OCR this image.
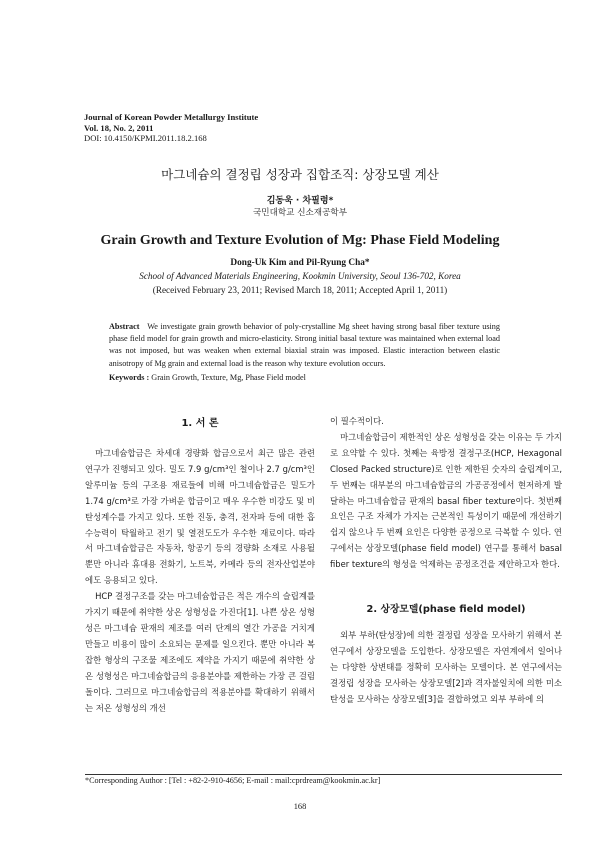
Journal of Korean Powder Metallurgy Institute
Vol. 18, No. 2, 2011
DOI: 10.4150/KPMI.2011.18.2.168
마그네슘의 결정립 성장과 집합조직: 상장모델 계산
김동욱 · 차필령*
국민대학교 신소재공학부
Grain Growth and Texture Evolution of Mg: Phase Field Modeling
Dong-Uk Kim and Pil-Ryung Cha*
School of Advanced Materials Engineering, Kookmin University, Seoul 136-702, Korea
(Received February 23, 2011; Revised March 18, 2011; Accepted April 1, 2011)
Abstract We investigate grain growth behavior of poly-crystalline Mg sheet having strong basal fiber texture using phase field model for grain growth and micro-elasticity. Strong initial basal texture was maintained when external load was not imposed, but was weaken when external biaxial strain was imposed. Elastic interaction between elastic anisotropy of Mg grain and external load is the reason why texture evolution occurs.
Keywords : Grain Growth, Texture, Mg, Phase Field model
1. 서 론

마그네슘합금은 차세대 경량화 합금으로서 최근 많은 관련 연구가 진행되고 있다. 밀도 7.9 g/cm³인 철이나 2.7 g/cm³인 알루미늄 등의 구조용 재료들에 비해 마그네슘합금은 밀도가 1.74 g/cm³로 가장 가벼운 합금이고 매우 우수한 비강도 및 비탄성계수를 가지고 있다. 또한 진동, 충격, 전자파 등에 대한 흡수능력이 탁월하고 전기 및 열전도도가 우수한 재료이다. 따라서 마그네슘합금은 자동차, 항공기 등의 경량화 소재로 사용될 뿐만 아니라 휴대용 전화기, 노트북, 카메라 등의 전자산업분야에도 응용되고 있다.

HCP 결정구조를 갖는 마그네슘합금은 적은 개수의 슬립계를 가지기 때문에 취약한 상온 성형성을 가진다[1]. 나쁜 상온 성형성은 마그네슘 판재의 제조를 여러 단계의 열간 가공을 거치게 만들고 비용이 많이 소요되는 문제를 일으킨다. 뿐만 아니라 복잡한 형상의 구조물 제조에도 제약을 가지기 때문에 취약한 상온 성형성은 마그네슘합금의 응용분야를 제한하는 가장 큰 걸림돌이다. 그러므로 마그네슘합금의 적용분야를 확대하기 위해서는 저온 성형성의 개선

이 필수적이다.

마그네슘합금이 제한적인 상온 성형성을 갖는 이유는 두 가지로 요약할 수 있다. 첫째는 육방정 결정구조(HCP, Hexagonal Closed Packed structure)로 인한 제한된 숫자의 슬립계이고, 두 번째는 대부분의 마그네슘합금의 가공공정에서 현저하게 발달하는 마그네슘합금 판재의 basal fiber texture이다. 첫번째 요인은 구조 자체가 가지는 근본적인 특성이기 때문에 개선하기 쉽지 않으나 두 번째 요인은 다양한 공정으로 극복할 수 있다. 연구에서는 상장모델(phase field model) 연구를 통해서 basal fiber texture의 형성을 억제하는 공정조건을 제안하고자 한다.

2. 상장모델(phase field model)

외부 부하(탄성장)에 의한 결정립 성장을 모사하기 위해서 본 연구에서 상장모델을 도입한다. 상장모델은 자연계에서 일어나는 다양한 상변태를 정확히 모사하는 모델이다. 본 연구에서는 결정립 성장을 모사하는 상장모델[2]과 격자불일치에 의한 미소탄성을 모사하는 상장모델[3]을 결합하였고 외부 부하에 의

*Corresponding Author : [Tel : +82-2-910-4656; E-mail : mail:cprdream@kookmin.ac.kr]
168
